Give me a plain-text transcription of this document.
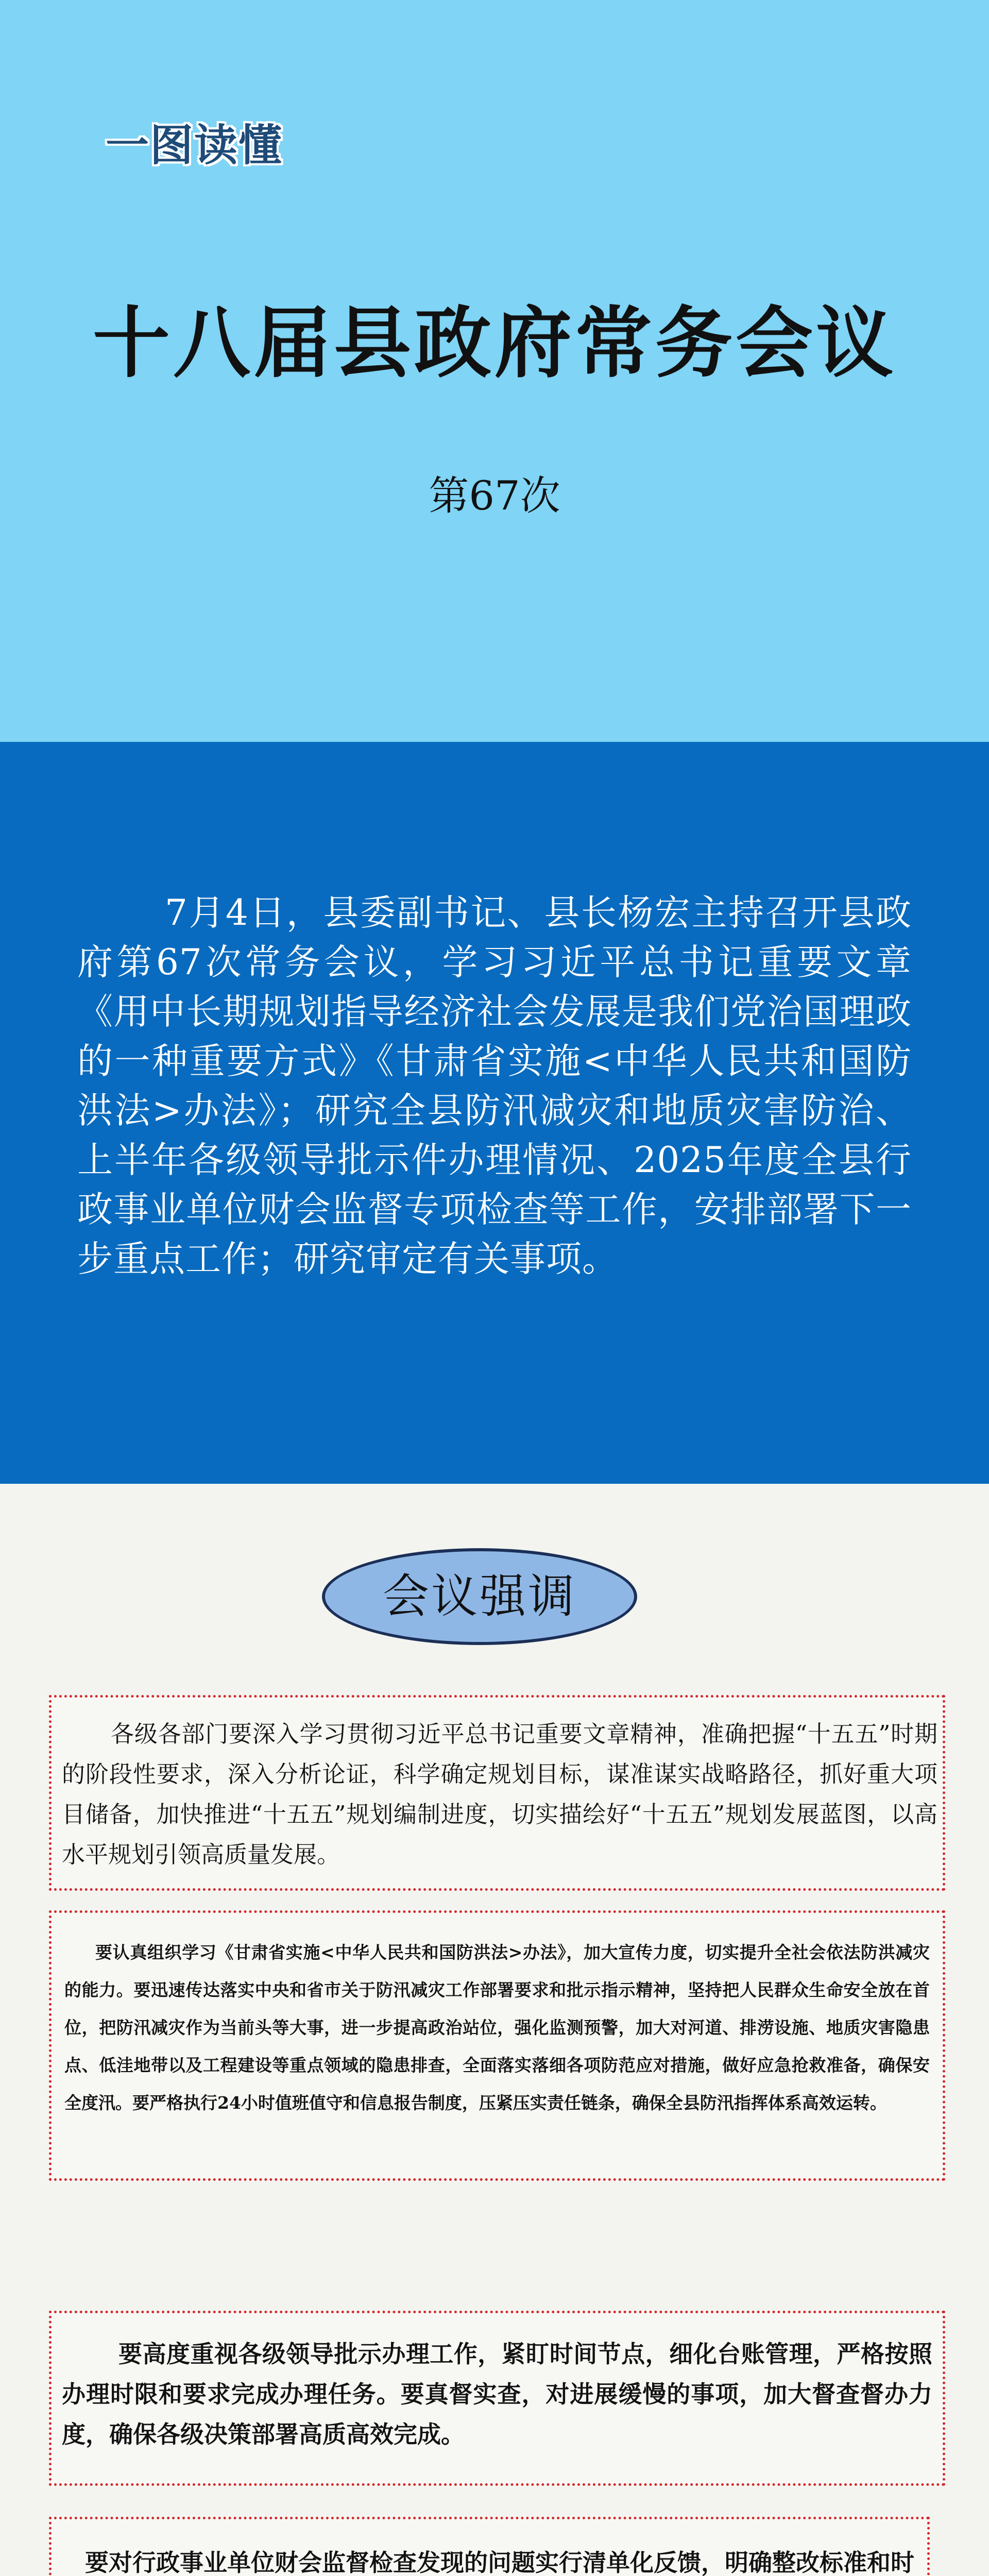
一图读懂
十八届县政府常务会议
第67次

7月4日，县委副书记、县长杨宏主持召开县政府第67次常务会议，学习习近平总书记重要文章《用中长期规划指导经济社会发展是我们党治国理政的一种重要方式》《甘肃省实施<中华人民共和国防洪法>办法》；研究全县防汛减灾和地质灾害防治、上半年各级领导批示件办理情况、2025年度全县行政事业单位财会监督专项检查等工作，安排部署下一步重点工作；研究审定有关事项。

会议强调

各级各部门要深入学习贯彻习近平总书记重要文章精神，准确把握“十五五”时期的阶段性要求，深入分析论证，科学确定规划目标，谋准谋实战略路径，抓好重大项目储备，加快推进“十五五”规划编制进度，切实描绘好“十五五”规划发展蓝图，以高水平规划引领高质量发展。

要认真组织学习《甘肃省实施<中华人民共和国防洪法>办法》，加大宣传力度，切实提升全社会依法防洪减灾的能力。要迅速传达落实中央和省市关于防汛减灾工作部署要求和批示指示精神，坚持把人民群众生命安全放在首位，把防汛减灾作为当前头等大事，进一步提高政治站位，强化监测预警，加大对河道、排涝设施、地质灾害隐患点、低洼地带以及工程建设等重点领域的隐患排查，全面落实落细各项防范应对措施，做好应急抢救准备，确保安全度汛。要严格执行24小时值班值守和信息报告制度，压紧压实责任链条，确保全县防汛指挥体系高效运转。

要高度重视各级领导批示办理工作，紧盯时间节点，细化台账管理，严格按照办理时限和要求完成办理任务。要真督实查，对进展缓慢的事项，加大督查督办力度，确保各级决策部署高质高效完成。

要对行政事业单位财会监督检查发现的问题实行清单化反馈，明确整改标准和时
